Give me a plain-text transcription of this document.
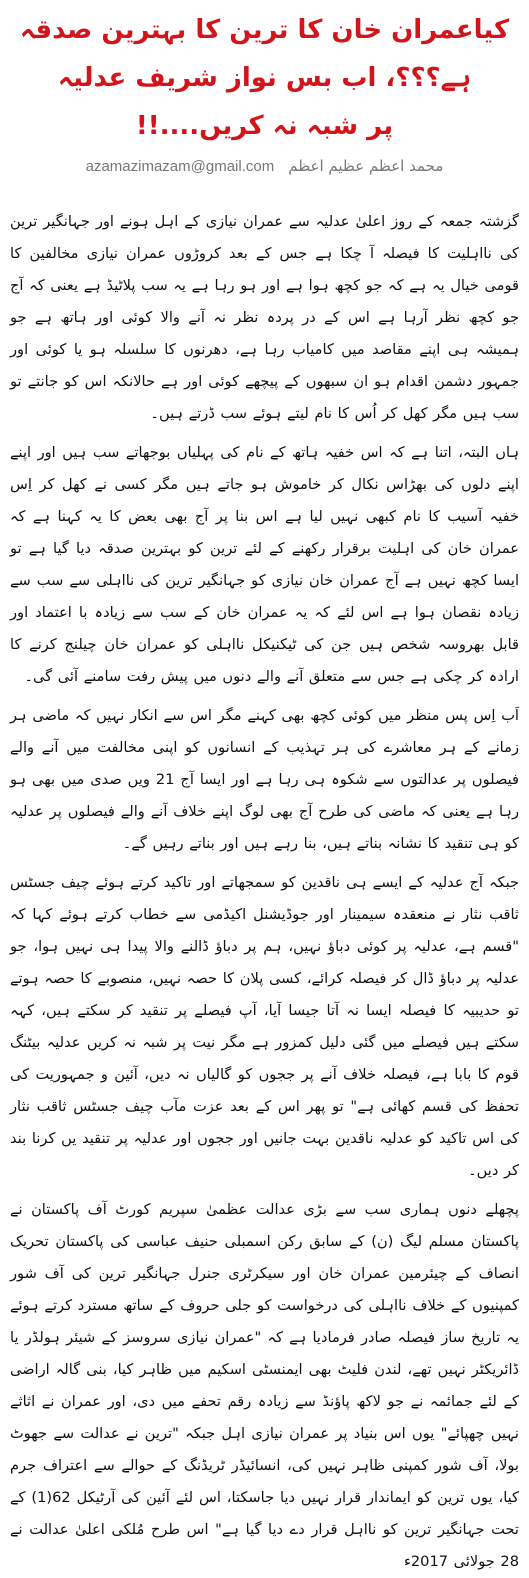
کیاعمران خان کا ترین کا بہترین صدقہ ہے؟؟؟، اب بس نواز شریف عدلیہ
پر شبہ نہ کریں....!!
azamazimazam@gmail.com محمد اعظم عظیم اعظم

گزشتہ جمعہ کے روز اعلیٰ عدلیہ سے عمران نیازی کے اہل ہونے اور جہانگیر ترین کی نااہلیت کا فیصلہ آ چکا ہے جس کے بعد کروڑوں عمران نیازی مخالفین کا قومی خیال یہ ہے کہ جو کچھ ہوا ہے اور ہو رہا ہے یہ سب پلاٹیڈ ہے یعنی کہ آج جو کچھ نظر آرہا ہے اس کے در پردہ نظر نہ آنے والا کوئی اور ہاتھ ہے جو ہمیشہ ہی اپنے مقاصد میں کامیاب رہا ہے، دھرنوں کا سلسلہ ہو یا کوئی اور جمہور دشمن اقدام ہو ان سبھوں کے پیچھے کوئی اور ہے حالانکہ اس کو جانتے تو سب ہیں مگر کھل کر اُس کا نام لیتے ہوئے سب ڈرتے ہیں۔

ہاں البتہ، اتنا ہے کہ اس خفیہ ہاتھ کے نام کی پہلیاں بوجھاتے سب ہیں اور اپنے اپنے دلوں کی بھڑاس نکال کر خاموش ہو جاتے ہیں مگر کسی نے کھل کر اِس خفیہ آسیب کا نام کبھی نہیں لیا ہے اس بنا پر آج بھی بعض کا یہ کہنا ہے کہ عمران خان کی اہلیت برقرار رکھنے کے لئے ترین کو بہترین صدقہ دیا گیا ہے تو ایسا کچھ نہیں ہے آج عمران خان نیازی کو جہانگیر ترین کی نااہلی سے سب سے زیادہ نقصان ہوا ہے اس لئے کہ یہ عمران خان کے سب سے زیادہ با اعتماد اور قابل بھروسہ شخص ہیں جن کی ٹیکنیکل نااہلی کو عمران خان چیلنج کرنے کا ارادہ کر چکی ہے جس سے متعلق آنے والے دنوں میں پیش رفت سامنے آئی گی۔

اَب اِس پس منظر میں کوئی کچھ بھی کہنے مگر اس سے انکار نہیں کہ ماضی ہر زمانے کے ہر معاشرے کی ہر تہذیب کے انسانوں کو اپنی مخالفت میں آنے والے فیصلوں پر عدالتوں سے شکوہ ہی رہا ہے اور ایسا آج 21 ویں صدی میں بھی ہو رہا ہے یعنی کہ ماضی کی طرح آج بھی لوگ اپنے خلاف آنے والے فیصلوں پر عدلیہ کو ہی تنقید کا نشانہ بناتے ہیں، بنا رہے ہیں اور بناتے رہیں گے۔

جبکہ آج عدلیہ کے ایسے ہی ناقدین کو سمجھاتے اور تاکید کرتے ہوئے چیف جسٹس ثاقب نثار نے منعقدہ سیمینار اور جوڈیشنل اکیڈمی سے خطاب کرتے ہوئے کہا کہ "قسم ہے، عدلیہ پر کوئی دباؤ نہیں، ہم پر دباؤ ڈالنے والا پیدا ہی نہیں ہوا، جو عدلیہ پر دباؤ ڈال کر فیصلہ کرائے، کسی پلان کا حصہ نہیں، منصوبے کا حصہ ہوتے تو حدیبیہ کا فیصلہ ایسا نہ آتا جیسا آیا، آپ فیصلے پر تنقید کر سکتے ہیں، کہہ سکتے ہیں فیصلے میں گئی دلیل کمزور ہے مگر نیت پر شبہ نہ کریں عدلیہ بیٹنگ قوم کا بابا ہے، فیصلہ خلاف آنے پر ججوں کو گالیاں نہ دیں، آئین و جمہوریت کی تحفظ کی قسم کھائی ہے" تو پھر اس کے بعد عزت مآب چیف جسٹس ثاقب نثار کی اس تاکید کو عدلیہ ناقدین بہت جانیں اور ججوں اور عدلیہ پر تنقید یں کرنا بند کر دیں۔

پچھلے دنوں ہماری سب سے بڑی عدالت عظمیٰ سپریم کورٹ آف پاکستان نے پاکستان مسلم لیگ (ن) کے سابق رکن اسمبلی حنیف عباسی کی پاکستان تحریک انصاف کے چیئرمین عمران خان اور سیکرٹری جنرل جہانگیر ترین کی آف شور کمپنیوں کے خلاف نااہلی کی درخواست کو جلی حروف کے ساتھ مسترد کرتے ہوئے یہ تاریخ ساز فیصلہ صادر فرمادیا ہے کہ "عمران نیازی سروسز کے شیئر ہولڈر یا ڈائریکٹر نہیں تھے، لندن فلیٹ بھی ایمنسٹی اسکیم میں ظاہر کیا، بنی گالہ اراضی کے لئے جمائمہ نے جو لاکھ پاؤنڈ سے زیادہ رقم تحفے میں دی، اور عمران نے اثاثے نہیں چھپائے" یوں اس بنیاد پر عمران نیازی اہل جبکہ "ترین نے عدالت سے جھوٹ بولا، آف شور کمپنی ظاہر نہیں کی، انسائیڈر ٹریڈنگ کے حوالے سے اعتراف جرم کیا، یوں ترین کو ایماندار قرار نہیں دیا جاسکتا، اس لئے آئین کی آرٹیکل 62(1) کے تحت جہانگیر ترین کو نااہل قرار دے دیا گیا ہے" اس طرح مُلکی اعلیٰ عدالت نے 28 جولائی 2017ء
